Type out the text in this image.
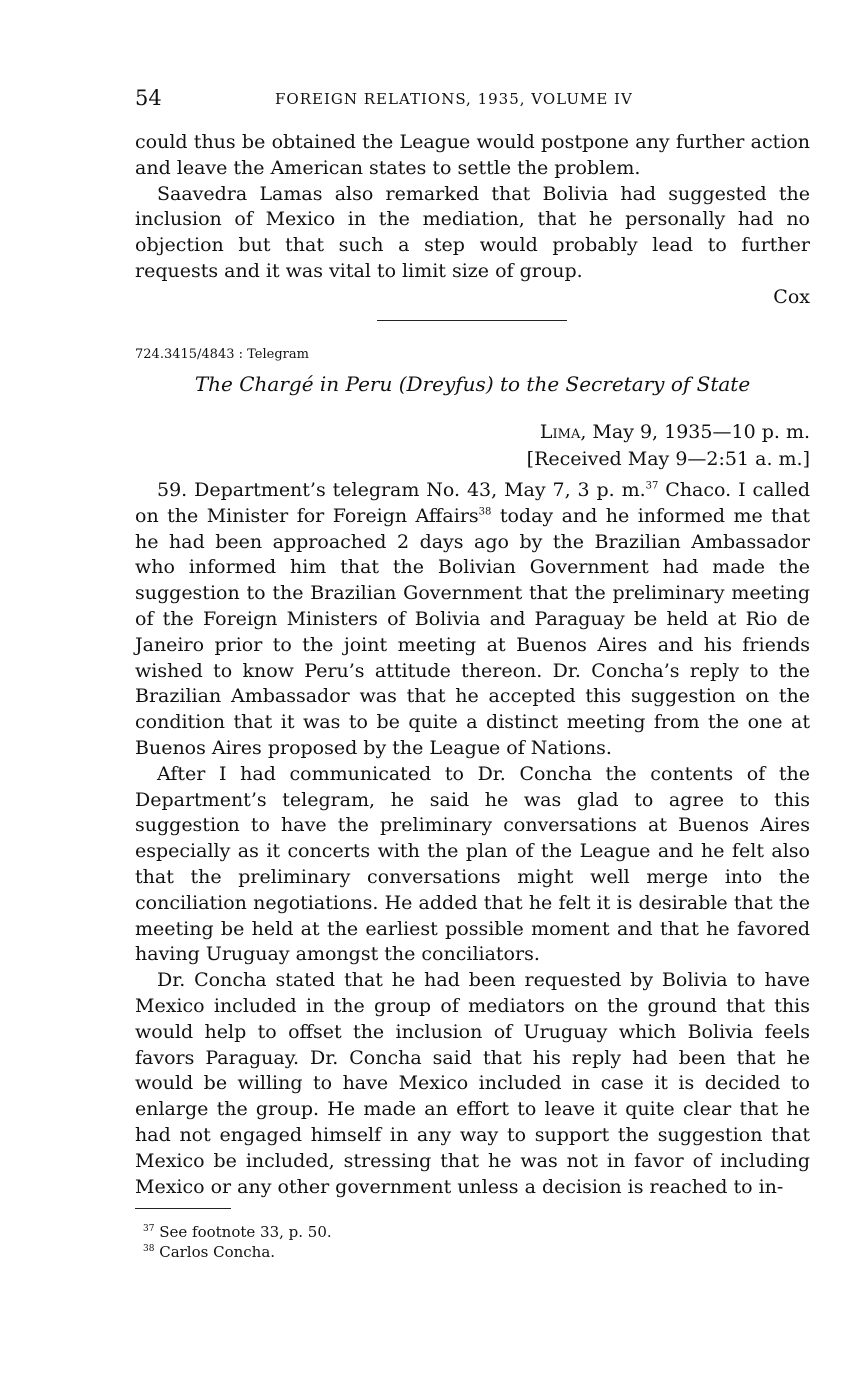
54	FOREIGN RELATIONS, 1935, VOLUME IV

could thus be obtained the League would postpone any further action and leave the American states to settle the problem.

Saavedra Lamas also remarked that Bolivia had suggested the inclusion of Mexico in the mediation, that he personally had no objection but that such a step would probably lead to further requests and it was vital to limit size of group.

Cox

724.3415/4843 : Telegram
The Chargé in Peru (Dreyfus) to the Secretary of State
Lima, May 9, 1935—10 p. m.
[Received May 9—2:51 a. m.]

59. Department’s telegram No. 43, May 7, 3 p. m.$^{37}$ Chaco. I called on the Minister for Foreign Affairs$^{38}$ today and he informed me that he had been approached 2 days ago by the Brazilian Ambassador who informed him that the Bolivian Government had made the suggestion to the Brazilian Government that the preliminary meeting of the Foreign Ministers of Bolivia and Paraguay be held at Rio de Janeiro prior to the joint meeting at Buenos Aires and his friends wished to know Peru’s attitude thereon. Dr. Concha’s reply to the Brazilian Ambassador was that he accepted this suggestion on the condition that it was to be quite a distinct meeting from the one at Buenos Aires proposed by the League of Nations.

After I had communicated to Dr. Concha the contents of the Department’s telegram, he said he was glad to agree to this suggestion to have the preliminary conversations at Buenos Aires especially as it concerts with the plan of the League and he felt also that the preliminary conversations might well merge into the conciliation negotiations. He added that he felt it is desirable that the meeting be held at the earliest possible moment and that he favored having Uruguay amongst the conciliators.

Dr. Concha stated that he had been requested by Bolivia to have Mexico included in the group of mediators on the ground that this would help to offset the inclusion of Uruguay which Bolivia feels favors Paraguay. Dr. Concha said that his reply had been that he would be willing to have Mexico included in case it is decided to enlarge the group. He made an effort to leave it quite clear that he had not engaged himself in any way to support the suggestion that Mexico be included, stressing that he was not in favor of including Mexico or any other government unless a decision is reached to in-

$^{37}$ See footnote 33, p. 50.
$^{38}$ Carlos Concha.
